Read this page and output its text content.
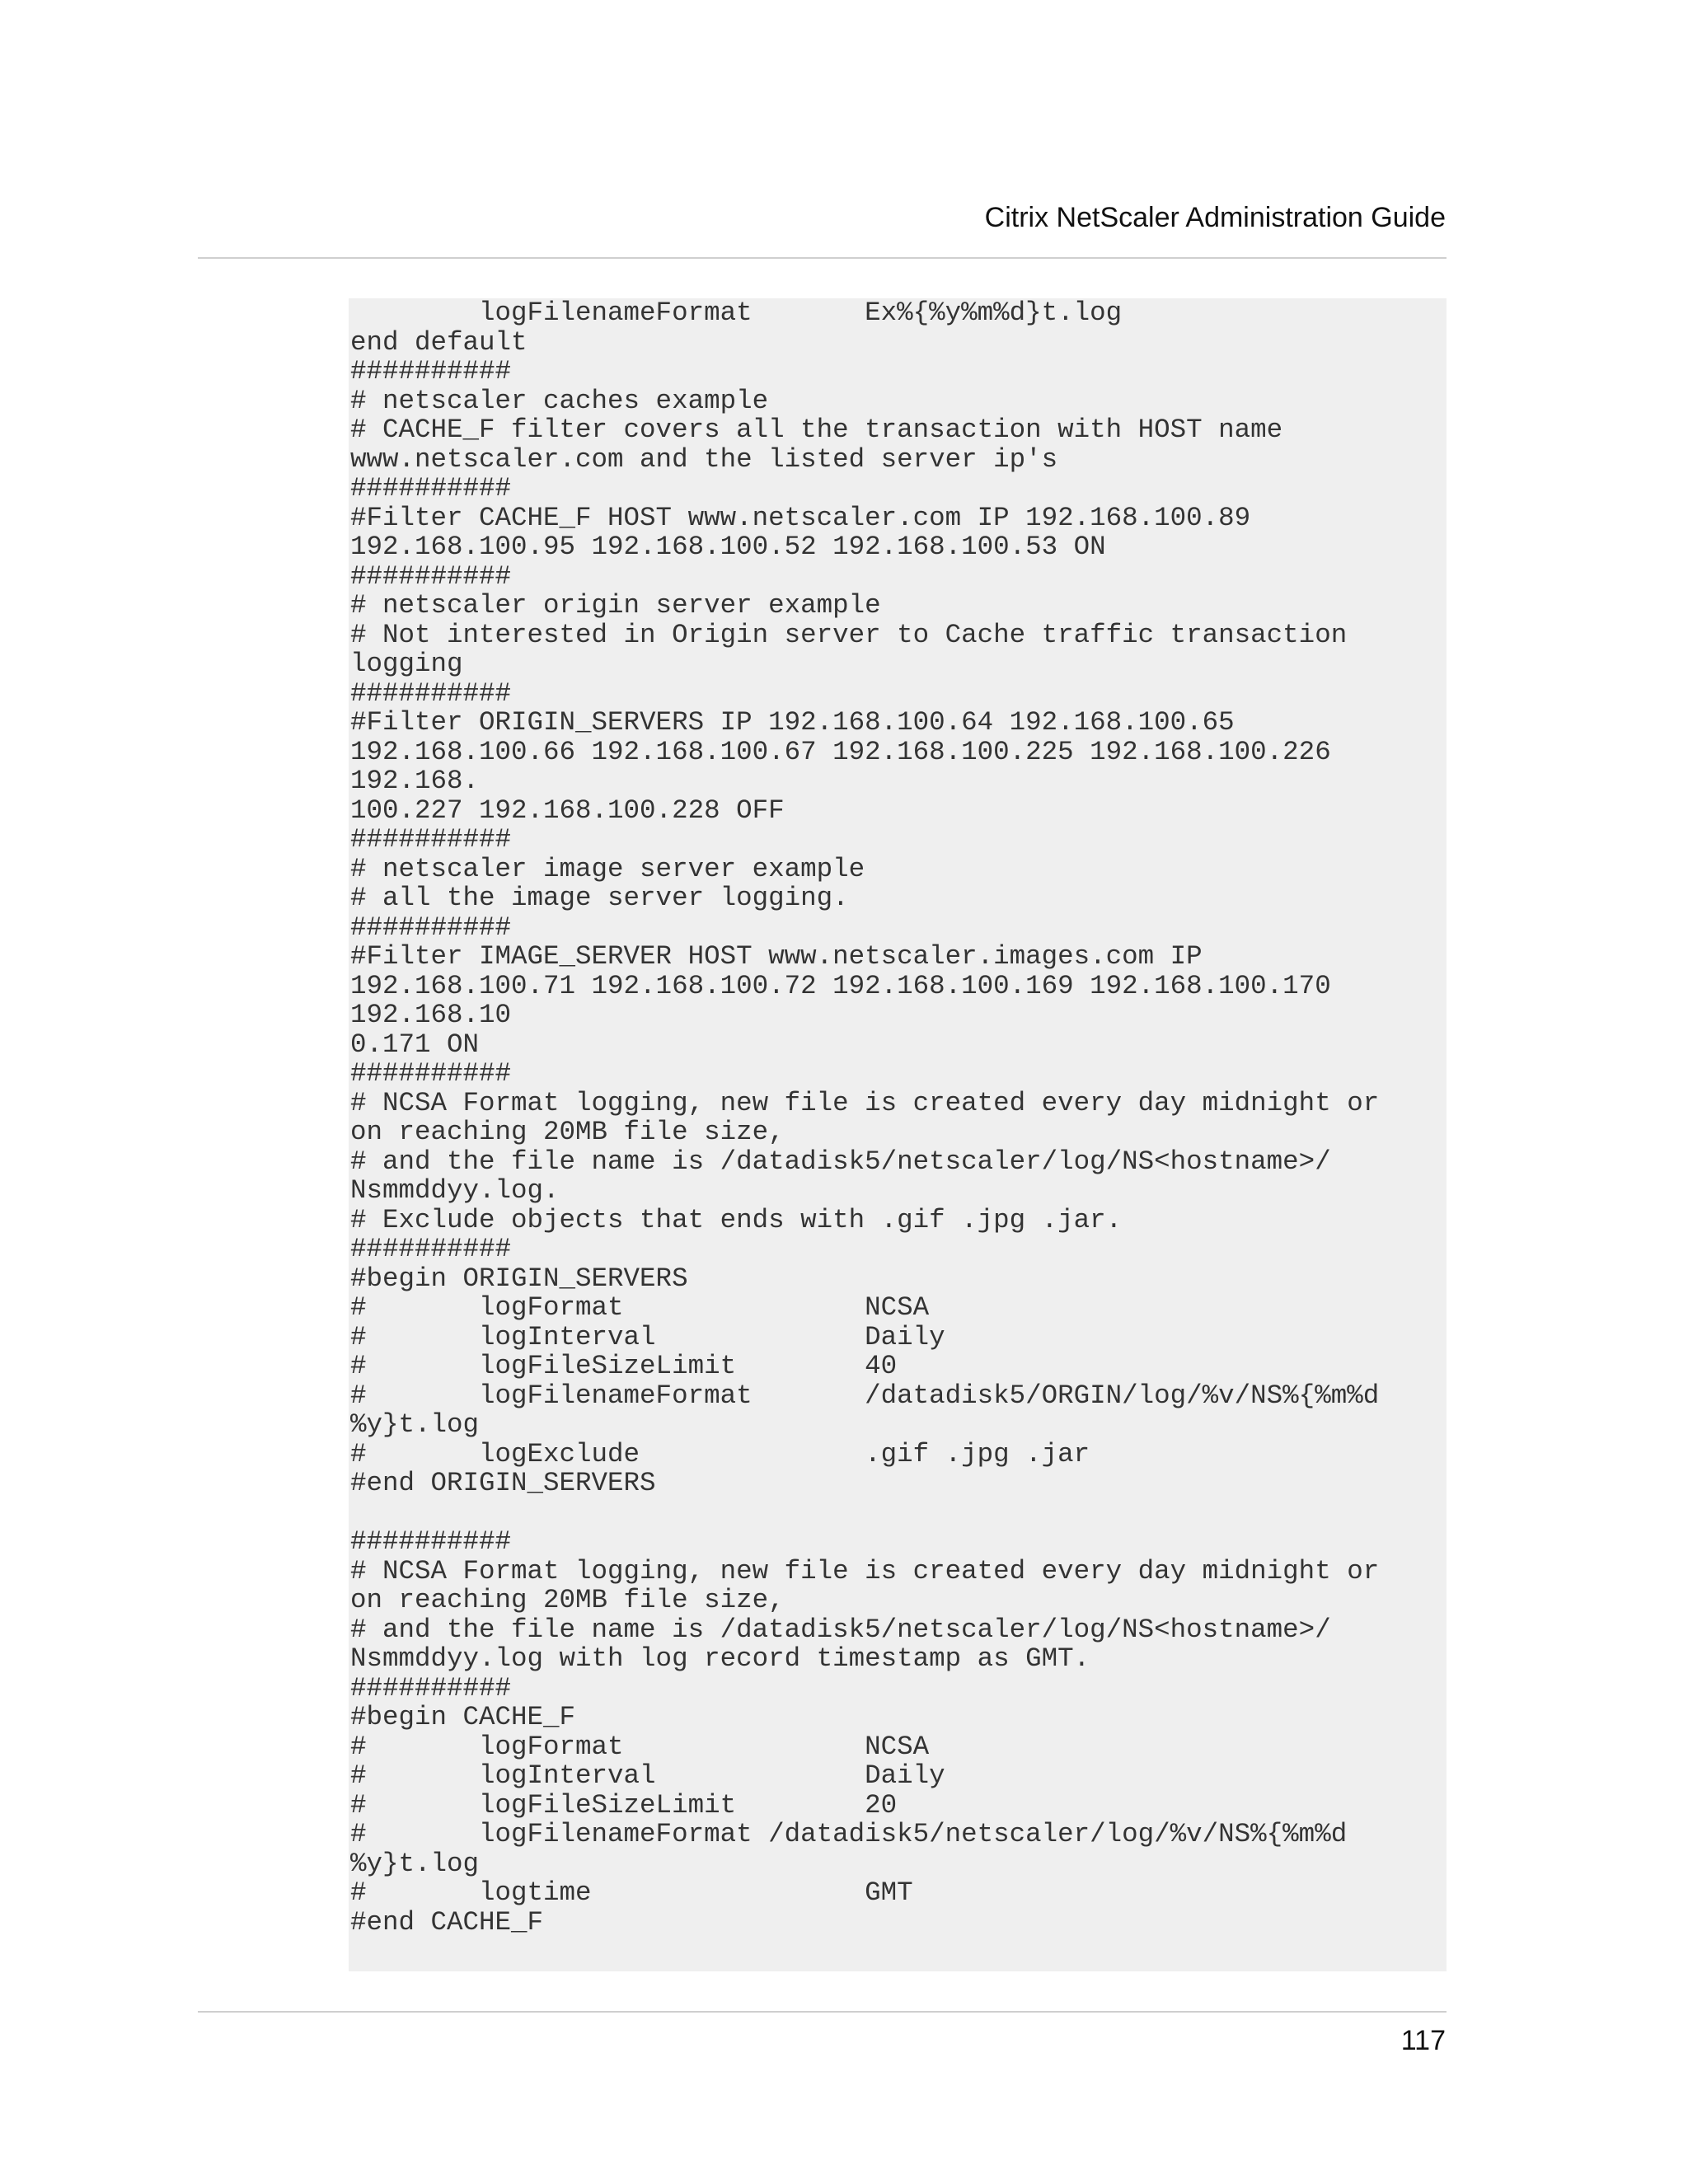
Citrix NetScaler Administration Guide
logFilenameFormat       Ex%{%y%m%d}t.log
end default
##########
# netscaler caches example
# CACHE_F filter covers all the transaction with HOST name
www.netscaler.com and the listed server ip's
##########
#Filter CACHE_F HOST www.netscaler.com IP 192.168.100.89
192.168.100.95 192.168.100.52 192.168.100.53 ON
##########
# netscaler origin server example
# Not interested in Origin server to Cache traffic transaction
logging
##########
#Filter ORIGIN_SERVERS IP 192.168.100.64 192.168.100.65
192.168.100.66 192.168.100.67 192.168.100.225 192.168.100.226
192.168.
100.227 192.168.100.228 OFF
##########
# netscaler image server example
# all the image server logging.
##########
#Filter IMAGE_SERVER HOST www.netscaler.images.com IP
192.168.100.71 192.168.100.72 192.168.100.169 192.168.100.170
192.168.10
0.171 ON
##########
# NCSA Format logging, new file is created every day midnight or
on reaching 20MB file size,
# and the file name is /datadisk5/netscaler/log/NS<hostname>/
Nsmmddyy.log.
# Exclude objects that ends with .gif .jpg .jar.
##########
#begin ORIGIN_SERVERS
#       logFormat               NCSA
#       logInterval             Daily
#       logFileSizeLimit        40
#       logFilenameFormat       /datadisk5/ORGIN/log/%v/NS%{%m%d
%y}t.log
#       logExclude              .gif .jpg .jar
#end ORIGIN_SERVERS
##########
# NCSA Format logging, new file is created every day midnight or
on reaching 20MB file size,
# and the file name is /datadisk5/netscaler/log/NS<hostname>/
Nsmmddyy.log with log record timestamp as GMT.
##########
#begin CACHE_F
#       logFormat               NCSA
#       logInterval             Daily
#       logFileSizeLimit        20
#       logFilenameFormat /datadisk5/netscaler/log/%v/NS%{%m%d
%y}t.log
#       logtime                 GMT
#end CACHE_F
117
